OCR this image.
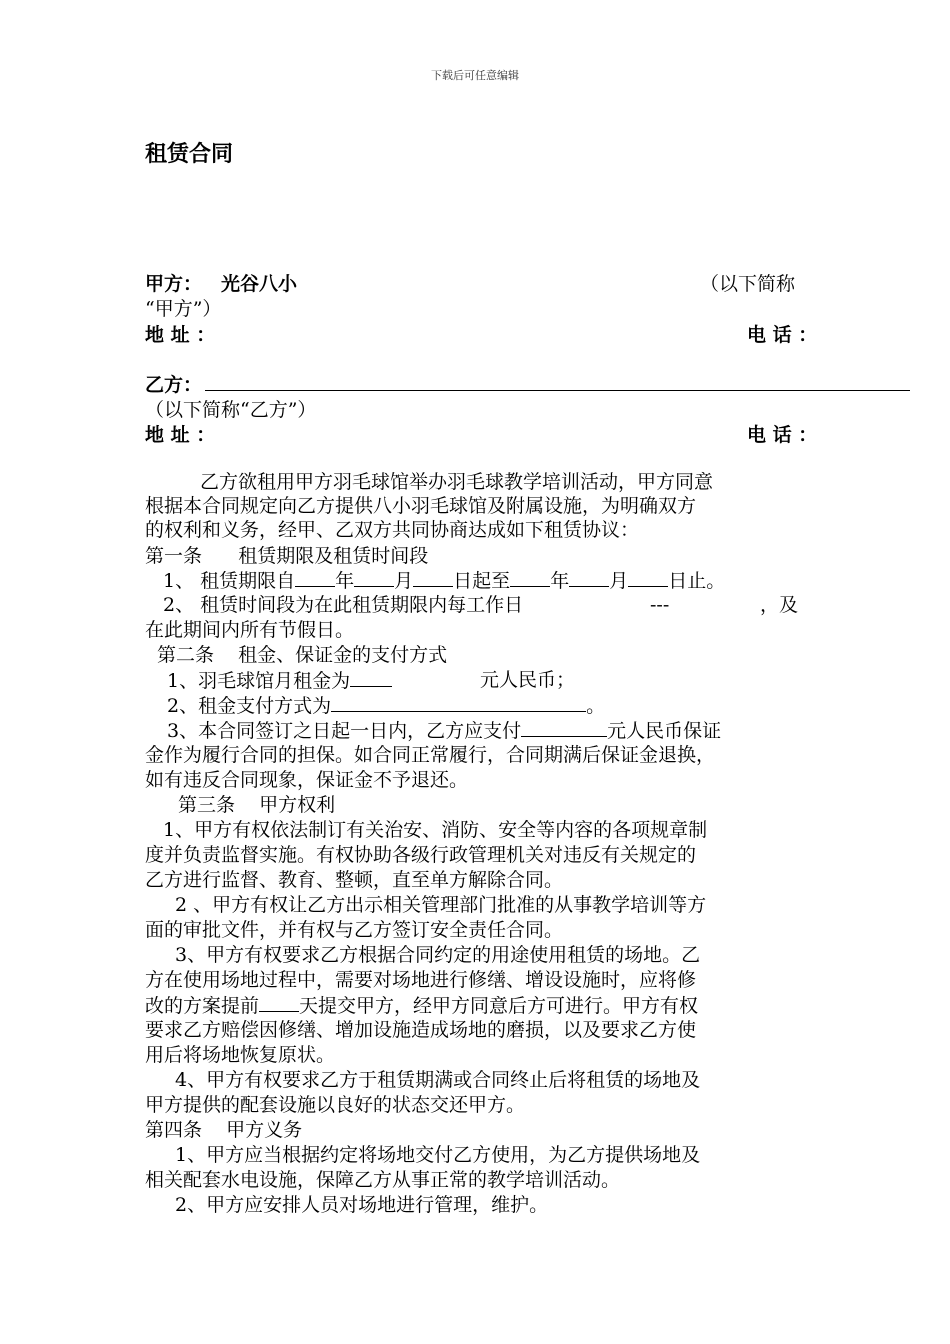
下载后可任意编辑
租赁合同
甲方： 光谷八小	（以下简称
“甲方”）
地 址 ：	电 话 ：
乙方：
（以下简称“乙方”）
地 址 ：	电 话 ：
乙方欲租用甲方羽毛球馆举办羽毛球教学培训活动，甲方同意
根据本合同规定向乙方提供八小羽毛球馆及附属设施，为明确双方
的权利和义务，经甲、乙双方共同协商达成如下租赁协议：
第一条      租赁期限及租赁时间段
1、 租赁期限自 年 月 日起至 年 月 日止。
2、 租赁时间段为在此租赁期限内每工作日	---	，及
在此期间内所有节假日。
第二条    租金、保证金的支付方式
1、羽毛球馆月租金为	元人民币；
2、租金支付方式为	。
3、本合同签订之日起一日内，乙方应支付	元人民币保证
金作为履行合同的担保。如合同正常履行，合同期满后保证金退换，
如有违反合同现象，保证金不予退还。
第三条    甲方权利
1、甲方有权依法制订有关治安、消防、安全等内容的各项规章制
度并负责监督实施。有权协助各级行政管理机关对违反有关规定的
乙方进行监督、教育、整顿，直至单方解除合同。
2 、甲方有权让乙方出示相关管理部门批准的从事教学培训等方
面的审批文件，并有权与乙方签订安全责任合同。
3、甲方有权要求乙方根据合同约定的用途使用租赁的场地。乙
方在使用场地过程中，需要对场地进行修缮、增设设施时，应将修
改的方案提前 天提交甲方，经甲方同意后方可进行。甲方有权
要求乙方赔偿因修缮、增加设施造成场地的磨损，以及要求乙方使
用后将场地恢复原状。
4、甲方有权要求乙方于租赁期满或合同终止后将租赁的场地及
甲方提供的配套设施以良好的状态交还甲方。
第四条    甲方义务
1、甲方应当根据约定将场地交付乙方使用，为乙方提供场地及
相关配套水电设施，保障乙方从事正常的教学培训活动。
2、甲方应安排人员对场地进行管理，维护。
